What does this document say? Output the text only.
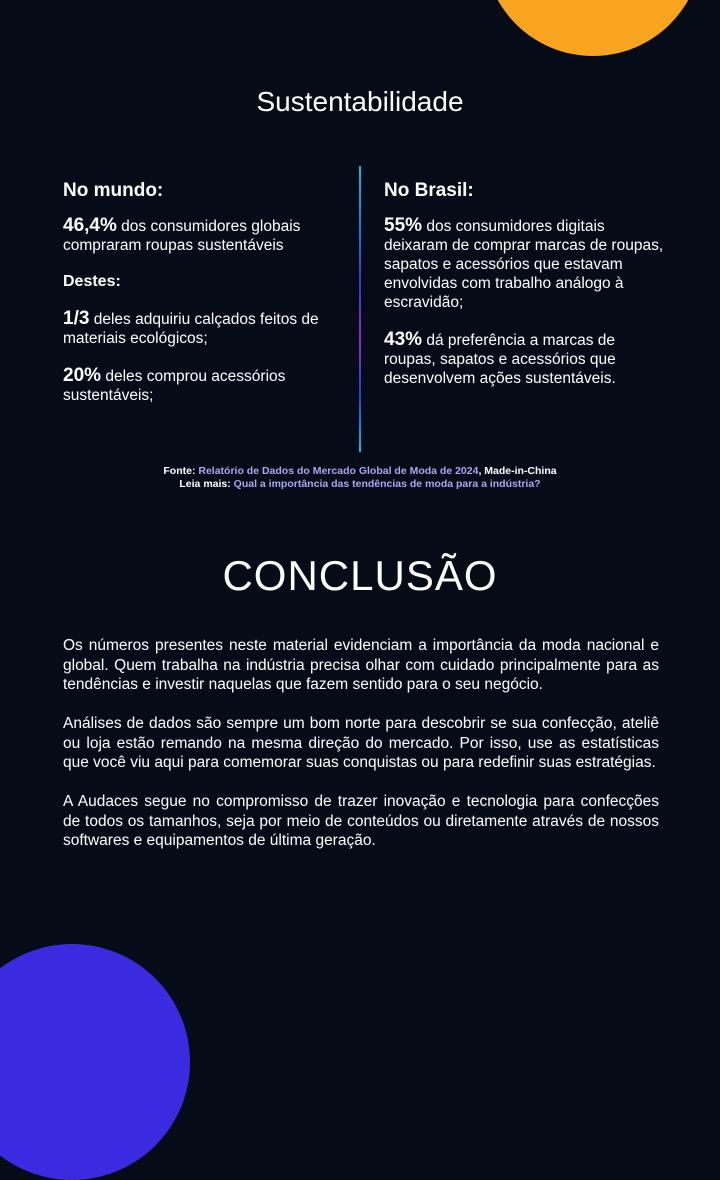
Sustentabilidade

No mundo:

46,4% dos consumidores globais compraram roupas sustentáveis

Destes:

1/3 deles adquiriu calçados feitos de materiais ecológicos;

20% deles comprou acessórios sustentáveis;

No Brasil:

55% dos consumidores digitais deixaram de comprar marcas de roupas, sapatos e acessórios que estavam envolvidas com trabalho análogo à escravidão;

43% dá preferência a marcas de roupas, sapatos e acessórios que desenvolvem ações sustentáveis.

Fonte: Relatório de Dados do Mercado Global de Moda de 2024, Made-in-China
Leia mais: Qual a importância das tendências de moda para a indústria?
CONCLUSÃO

Os números presentes neste material evidenciam a importância da moda nacional e global. Quem trabalha na indústria precisa olhar com cuidado principalmente para as tendências e investir naquelas que fazem sentido para o seu negócio.

Análises de dados são sempre um bom norte para descobrir se sua confecção, ateliê ou loja estão remando na mesma direção do mercado. Por isso, use as estatísticas que você viu aqui para comemorar suas conquistas ou para redefinir suas estratégias.

A Audaces segue no compromisso de trazer inovação e tecnologia para confecções de todos os tamanhos, seja por meio de conteúdos ou diretamente através de nossos softwares e equipamentos de última geração.
